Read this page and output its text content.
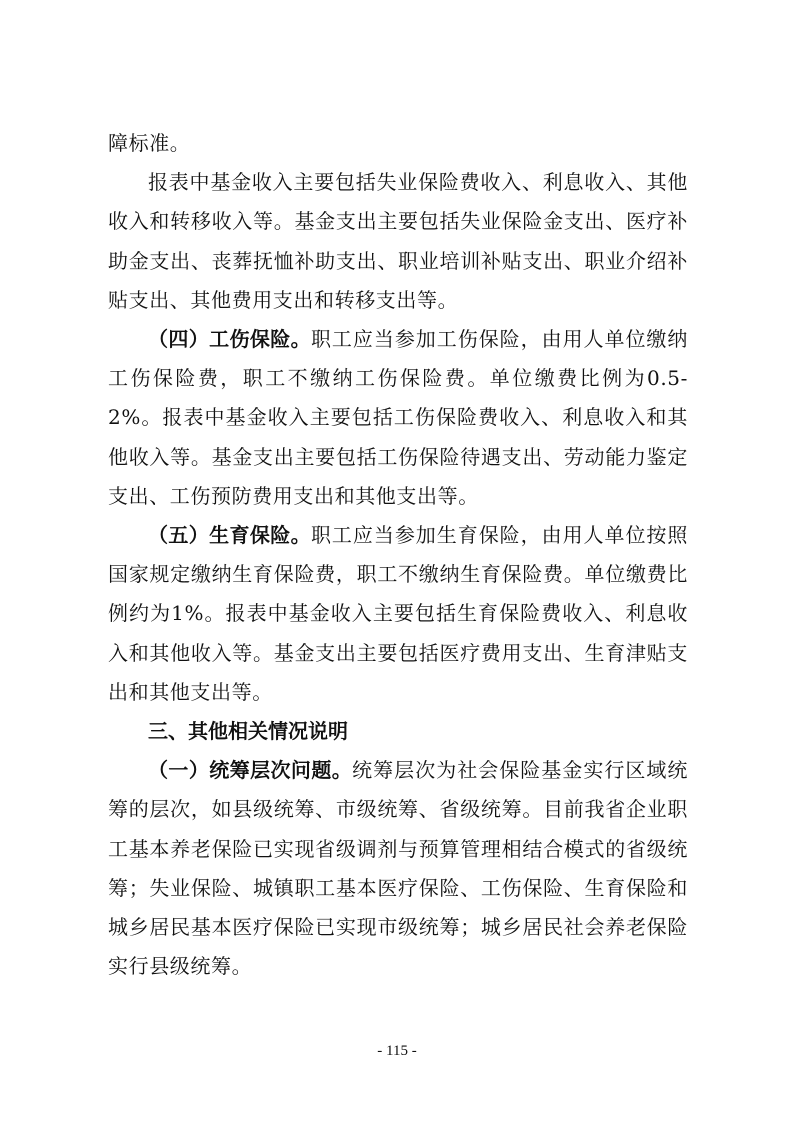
障标准。

报表中基金收入主要包括失业保险费收入、利息收入、其他收入和转移收入等。基金支出主要包括失业保险金支出、医疗补助金支出、丧葬抚恤补助支出、职业培训补贴支出、职业介绍补贴支出、其他费用支出和转移支出等。

（四）工伤保险。职工应当参加工伤保险，由用人单位缴纳工伤保险费，职工不缴纳工伤保险费。单位缴费比例为0.5-2%。报表中基金收入主要包括工伤保险费收入、利息收入和其他收入等。基金支出主要包括工伤保险待遇支出、劳动能力鉴定支出、工伤预防费用支出和其他支出等。

（五）生育保险。职工应当参加生育保险，由用人单位按照国家规定缴纳生育保险费，职工不缴纳生育保险费。单位缴费比例约为1%。报表中基金收入主要包括生育保险费收入、利息收入和其他收入等。基金支出主要包括医疗费用支出、生育津贴支出和其他支出等。

三、其他相关情况说明

（一）统筹层次问题。统筹层次为社会保险基金实行区域统筹的层次，如县级统筹、市级统筹、省级统筹。目前我省企业职工基本养老保险已实现省级调剂与预算管理相结合模式的省级统筹；失业保险、城镇职工基本医疗保险、工伤保险、生育保险和城乡居民基本医疗保险已实现市级统筹；城乡居民社会养老保险实行县级统筹。

- 115 -
